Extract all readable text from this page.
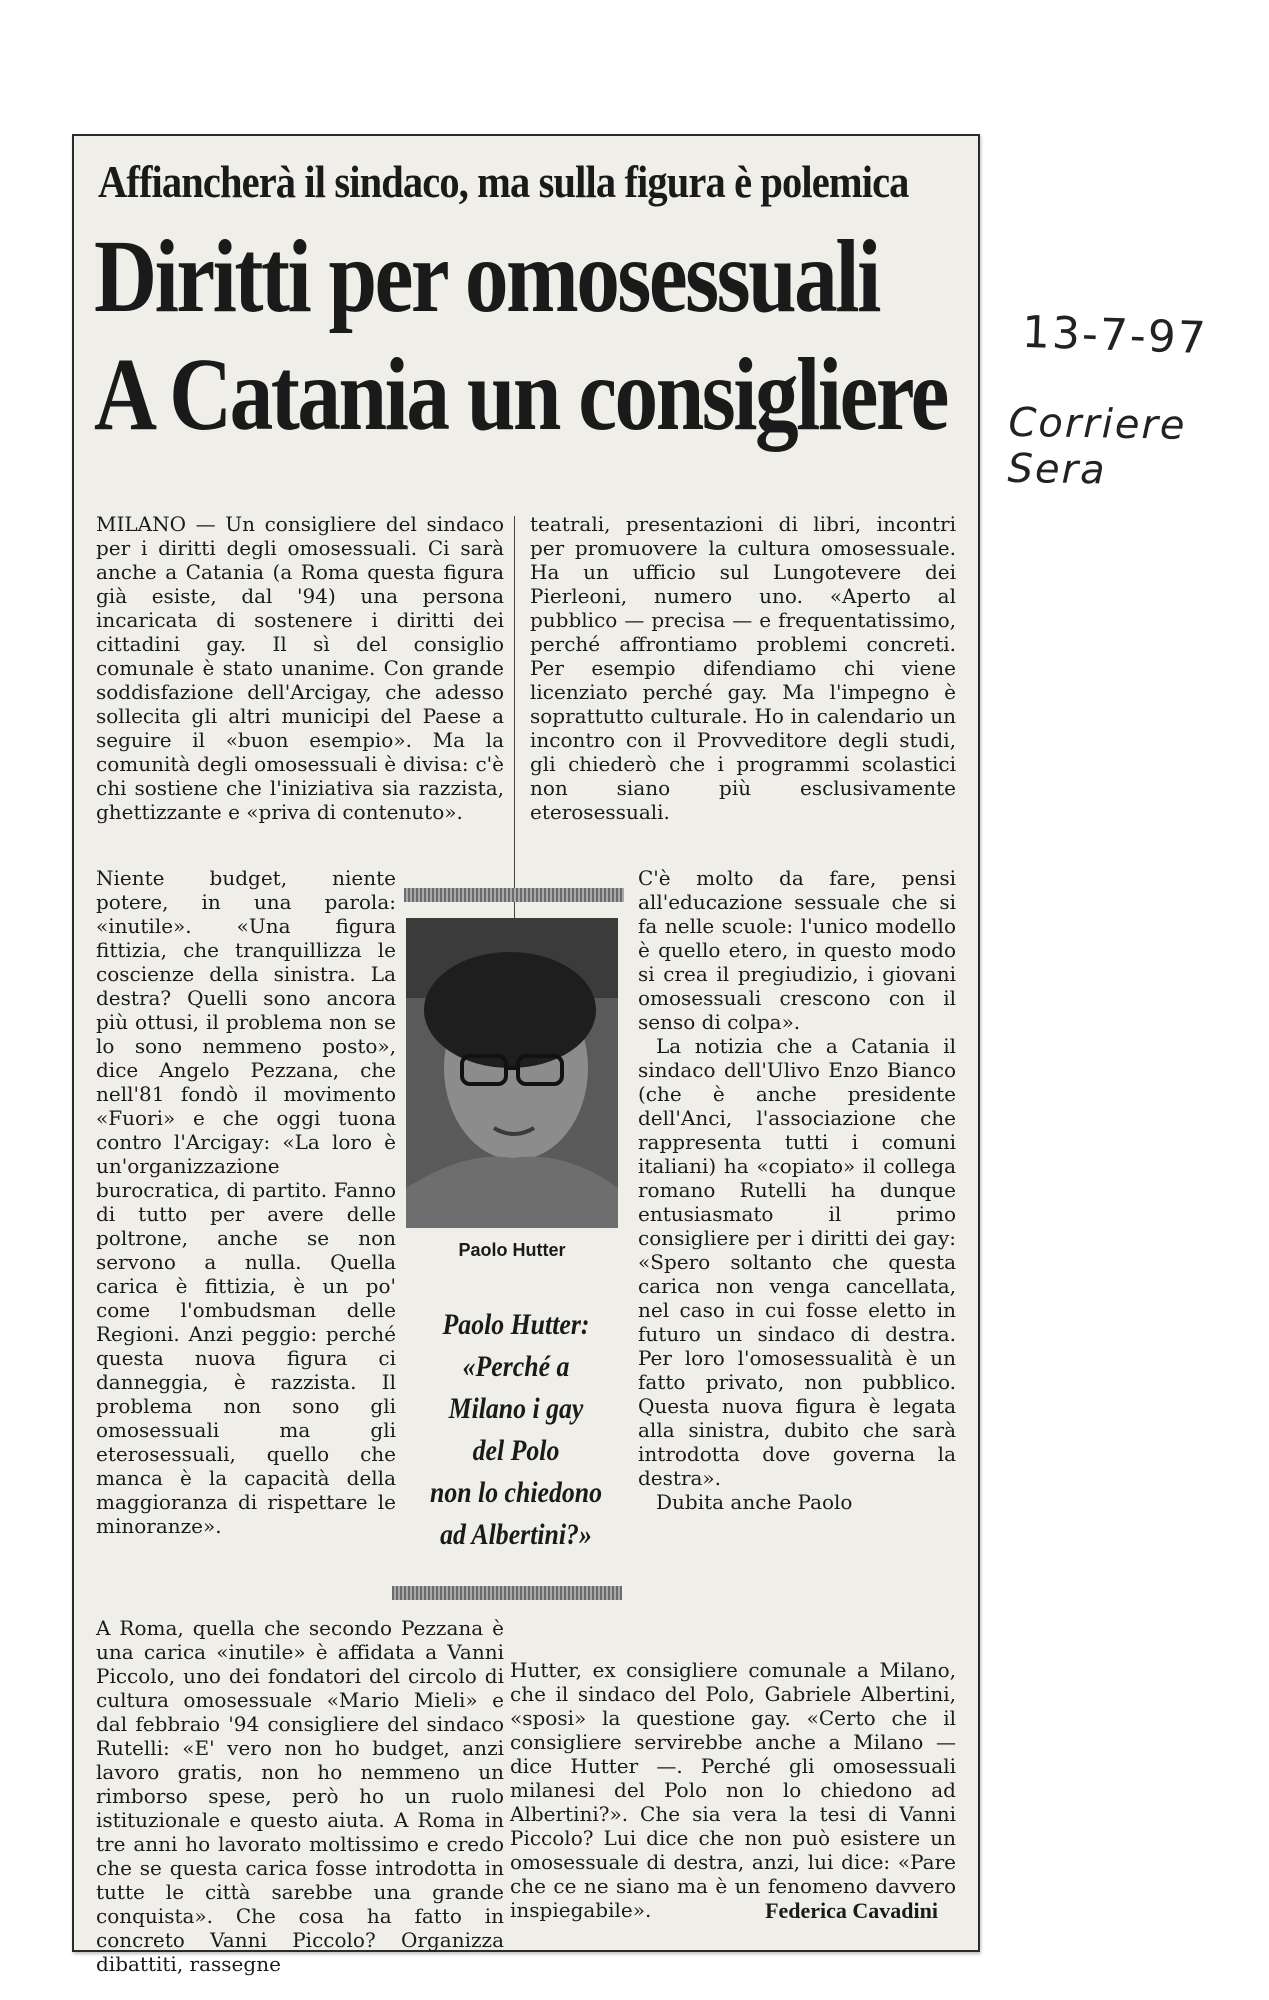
Affiancherà il sindaco, ma sulla figura è polemica
Diritti per omosessuali
A Catania un consigliere

MILANO — Un consigliere del sindaco per i diritti degli omosessuali. Ci sarà anche a Catania (a Roma questa figura già esiste, dal '94) una persona incaricata di sostenere i diritti dei cittadini gay. Il sì del consiglio comunale è stato unanime. Con grande soddisfazione dell'Arcigay, che adesso sollecita gli altri municipi del Paese a seguire il «buon esempio». Ma la comunità degli omosessuali è divisa: c'è chi sostiene che l'iniziativa sia razzista, ghettizzante e «priva di contenuto».

teatrali, presentazioni di libri, incontri per promuovere la cultura omosessuale. Ha un ufficio sul Lungotevere dei Pierleoni, numero uno. «Aperto al pubblico — precisa — e frequentatissimo, perché affrontiamo problemi concreti. Per esempio difendiamo chi viene licenziato perché gay. Ma l'impegno è soprattutto culturale. Ho in calendario un incontro con il Provveditore degli studi, gli chiederò che i programmi scolastici non siano più esclusivamente eterosessuali.

Niente budget, niente potere, in una parola: «inutile». «Una figura fittizia, che tranquillizza le coscienze della sinistra. La destra? Quelli sono ancora più ottusi, il problema non se lo sono nemmeno posto», dice Angelo Pezzana, che nell'81 fondò il movimento «Fuori» e che oggi tuona contro l'Arcigay: «La loro è un'organizzazione burocratica, di partito. Fanno di tutto per avere delle poltrone, anche se non servono a nulla. Quella carica è fittizia, è un po' come l'ombudsman delle Regioni. Anzi peggio: perché questa nuova figura ci danneggia, è razzista. Il problema non sono gli omosessuali ma gli eterosessuali, quello che manca è la capacità della maggioranza di rispettare le minoranze».

Paolo Hutter

C'è molto da fare, pensi all'educazione sessuale che si fa nelle scuole: l'unico modello è quello etero, in questo modo si crea il pregiudizio, i giovani omosessuali crescono con il senso di colpa».

La notizia che a Catania il sindaco dell'Ulivo Enzo Bianco (che è anche presidente dell'Anci, l'associazione che rappresenta tutti i comuni italiani) ha «copiato» il collega romano Rutelli ha dunque entusiasmato il primo consigliere per i diritti dei gay: «Spero soltanto che questa carica non venga cancellata, nel caso in cui fosse eletto in futuro un sindaco di destra. Per loro l'omosessualità è un fatto privato, non pubblico. Questa nuova figura è legata alla sinistra, dubito che sarà introdotta dove governa la destra».

Dubita anche Paolo

Paolo Hutter:
«Perché a
Milano i gay
del Polo
non lo chiedono
ad Albertini?»

A Roma, quella che secondo Pezzana è una carica «inutile» è affidata a Vanni Piccolo, uno dei fondatori del circolo di cultura omosessuale «Mario Mieli» e dal febbraio '94 consigliere del sindaco Rutelli: «E' vero non ho budget, anzi lavoro gratis, non ho nemmeno un rimborso spese, però ho un ruolo istituzionale e questo aiuta. A Roma in tre anni ho lavorato moltissimo e credo che se questa carica fosse introdotta in tutte le città sarebbe una grande conquista». Che cosa ha fatto in concreto Vanni Piccolo? Organizza dibattiti, rassegne

Hutter, ex consigliere comunale a Milano, che il sindaco del Polo, Gabriele Albertini, «sposi» la questione gay. «Certo che il consigliere servirebbe anche a Milano — dice Hutter —. Perché gli omosessuali milanesi del Polo non lo chiedono ad Albertini?». Che sia vera la tesi di Vanni Piccolo? Lui dice che non può esistere un omosessuale di destra, anzi, lui dice: «Pare che ce ne siano ma è un fenomeno davvero inspiegabile».	Federica Cavadini
13-7-97
Corriere Sera
